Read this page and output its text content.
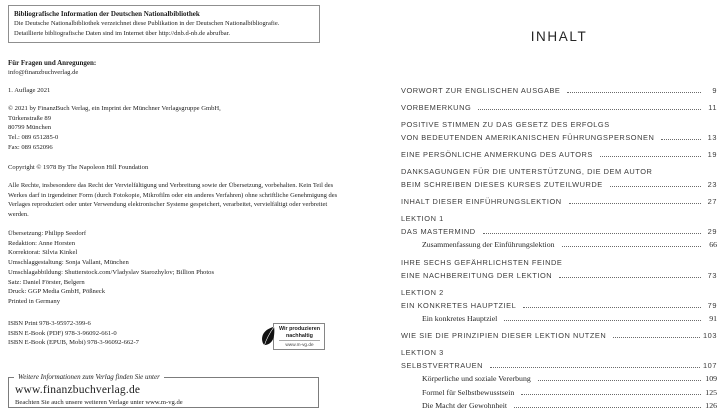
Bibliografische Information der Deutschen Nationalbibliothek
Die Deutsche Nationalbibliothek verzeichnet diese Publikation in der Deutschen Nationalbibliografie.
Detaillierte bibliografische Daten sind im Internet über http://dnb.d-nb.de abrufbar.
Für Fragen und Anregungen:
info@finanzbuchverlag.de
1. Auflage 2021
© 2021 by FinanzBuch Verlag, ein Imprint der Münchner Verlagsgruppe GmbH,
Türkenstraße 89
80799 München
Tel.: 089 651285-0
Fax: 089 652096
Copyright © 1978 By The Napoleon Hill Foundation
Alle Rechte, insbesondere das Recht der Vervielfältigung und Verbreitung sowie der Übersetzung, vorbehalten. Kein Teil des Werkes darf in irgendeiner Form (durch Fotokopie, Mikrofilm oder ein anderes Verfahren) ohne schriftliche Genehmigung des Verlages reproduziert oder unter Verwendung elektronischer Systeme gespeichert, verarbeitet, vervielfältigt oder verbreitet werden.
Übersetzung: Philipp Seedorf
Redaktion: Anne Horsten
Korrektorat: Silvia Kinkel
Umschlaggestaltung: Sonja Vallant, München
Umschlagabbildung: Shutterstock.com/Vladyslav Starozhylov; Billion Photos
Satz: Daniel Förster, Belgern
Druck: GGP Media GmbH, Pößneck
Printed in Germany
ISBN Print 978-3-95972-399-6
ISBN E-Book (PDF) 978-3-96092-661-0
ISBN E-Book (EPUB, Mobi) 978-3-96092-662-7
Wir produzieren
nachhaltig
www.m-vg.de
Weitere Informationen zum Verlag finden Sie unter
www.finanzbuchverlag.de
Beachten Sie auch unsere weiteren Verlage unter www.m-vg.de
INHALT
VORWORT ZUR ENGLISCHEN AUSGABE	9
VORBEMERKUNG	11
POSITIVE STIMMEN ZU DAS GESETZ DES ERFOLGS
VON BEDEUTENDEN AMERIKANISCHEN FÜHRUNGSPERSONEN	13
EINE PERSÖNLICHE ANMERKUNG DES AUTORS	19
DANKSAGUNGEN FÜR DIE UNTERSTÜTZUNG, DIE DEM AUTOR
BEIM SCHREIBEN DIESES KURSES ZUTEILWURDE	23
INHALT DIESER EINFÜHRUNGSLEKTION	27
LEKTION 1
DAS MASTERMIND	29
Zusammenfassung der Einführungslektion	66
IHRE SECHS GEFÄHRLICHSTEN FEINDE
EINE NACHBEREITUNG DER LEKTION	73
LEKTION 2
EIN KONKRETES HAUPTZIEL	79
Ein konkretes Hauptziel	91
WIE SIE DIE PRINZIPIEN DIESER LEKTION NUTZEN	103
LEKTION 3
SELBSTVERTRAUEN	107
Körperliche und soziale Vererbung	109
Formel für Selbstbewusstsein	125
Die Macht der Gewohnheit	126
